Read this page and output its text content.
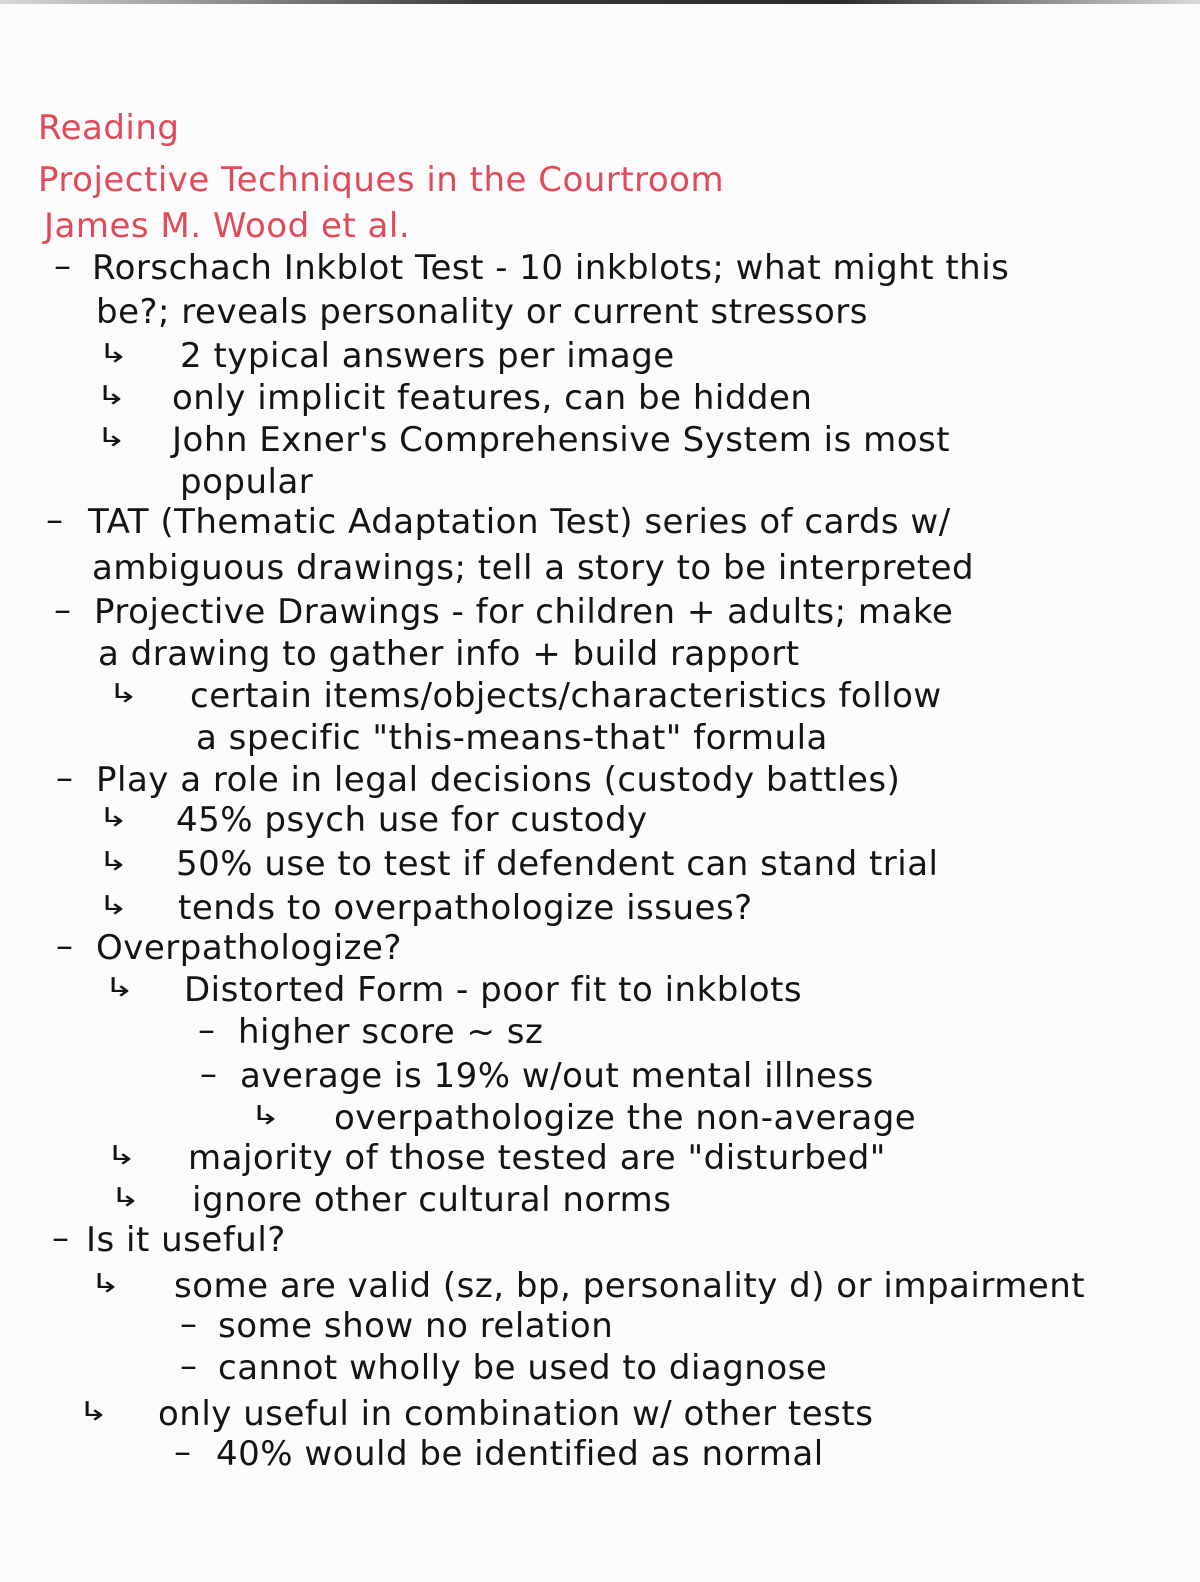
Reading
Projective Techniques in the Courtroom
James M. Wood et al.
– Rorschach Inkblot Test - 10 inkblots; what might this
be?; reveals personality or current stressors
↳ 2 typical answers per image
↳ only implicit features, can be hidden
↳ John Exner's Comprehensive System is most
popular
– TAT (Thematic Adaptation Test) series of cards w/
ambiguous drawings; tell a story to be interpreted
– Projective Drawings - for children + adults; make
a drawing to gather info + build rapport
↳ certain items/objects/characteristics follow
a specific "this-means-that" formula
– Play a role in legal decisions (custody battles)
↳ 45% psych use for custody
↳ 50% use to test if defendent can stand trial
↳ tends to overpathologize issues?
– Overpathologize?
↳ Distorted Form - poor fit to inkblots
– higher score ~ sz
– average is 19% w/out mental illness
↳ overpathologize the non-average
↳ majority of those tested are "disturbed"
↳ ignore other cultural norms
– Is it useful?
↳ some are valid (sz, bp, personality d) or impairment
– some show no relation
– cannot wholly be used to diagnose
↳ only useful in combination w/ other tests
– 40% would be identified as normal
